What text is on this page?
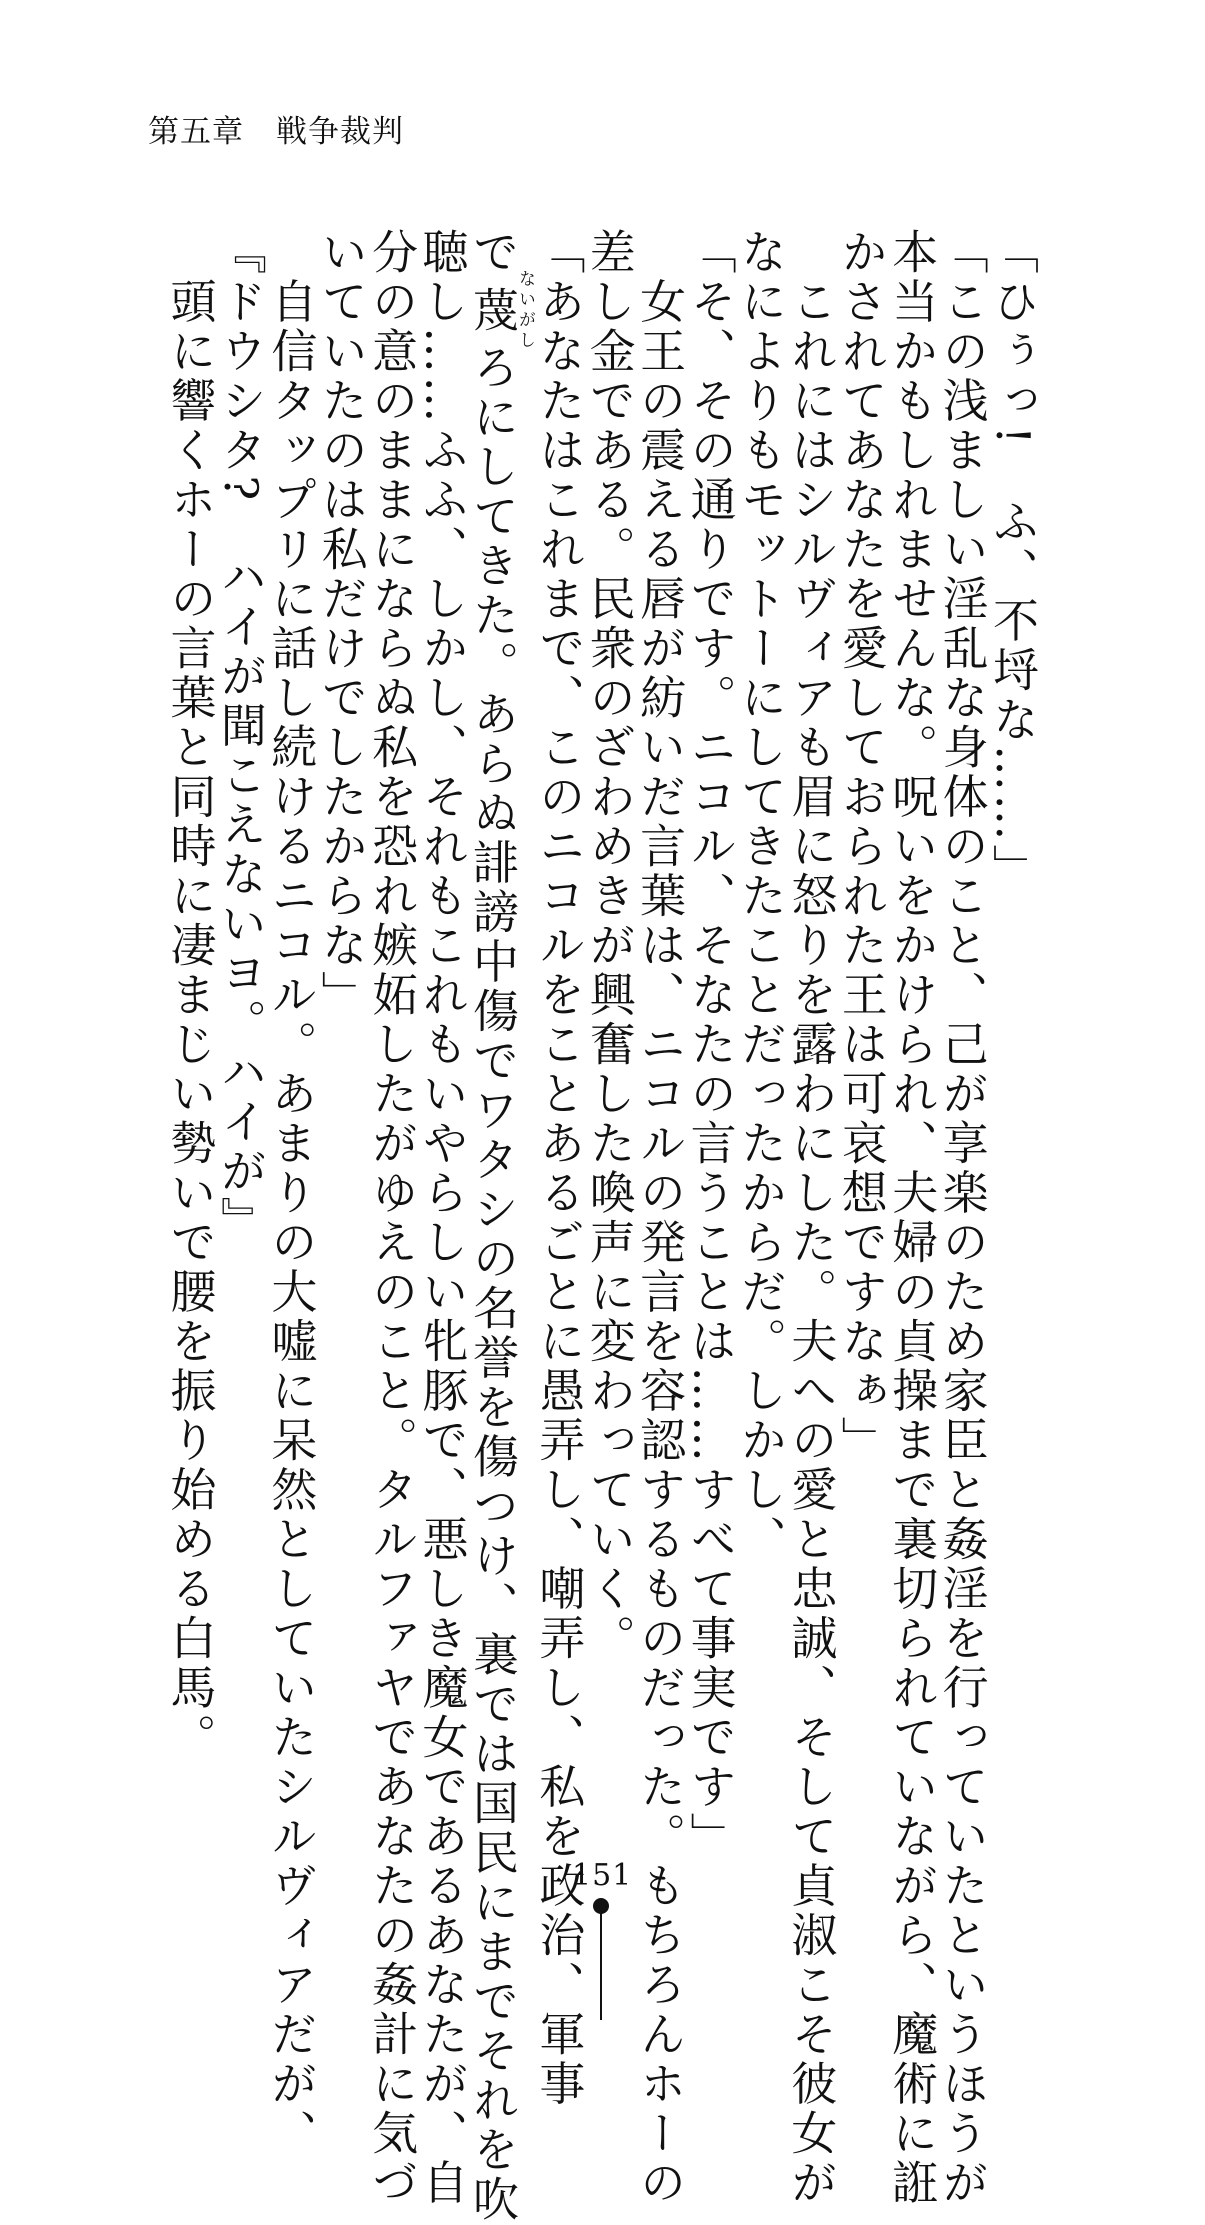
第五章　戦争裁判

「ひぅっ!　ふ、不埒な……」

「この浅ましい淫乱な身体のこと、己が享楽のため家臣と姦淫を行っていたというほうが

本当かもしれませんな。呪いをかけられ、夫婦の貞操まで裏切られていながら、魔術に誑

かされてあなたを愛しておられた王は可哀想ですなぁ」

　これにはシルヴィアも眉に怒りを露わにした。夫への愛と忠誠、そして貞淑こそ彼女が

なによりもモットーにしてきたことだったからだ。しかし、

「そ、その通りです。ニコル、そなたの言うことは……すべて事実です」

　女王の震える唇が紡いだ言葉は、ニコルの発言を容認するものだった。もちろんホーの

差し金である。民衆のざわめきが興奮した喚声に変わっていく。

「あなたはこれまで、このニコルをことあるごとに愚弄し、嘲弄し、私を政治、軍事

で蔑ないがしろにしてきた。あらぬ誹謗中傷でワタシの名誉を傷つけ、裏では国民にまでそれを吹

聴し……ふふ、しかし、それもこれもいやらしい牝豚で、悪しき魔女であるあなたが、自

分の意のままにならぬ私を恐れ嫉妬したがゆえのこと。タルファヤであなたの姦計に気づ

いていたのは私だけでしたからな」

　自信タップリに話し続けるニコル。あまりの大嘘に呆然としていたシルヴィアだが、

『ドウシタ?　ハイが聞こえないヨ。ハイが』

　頭に響くホーの言葉と同時に凄まじい勢いで腰を振り始める白馬。

151
